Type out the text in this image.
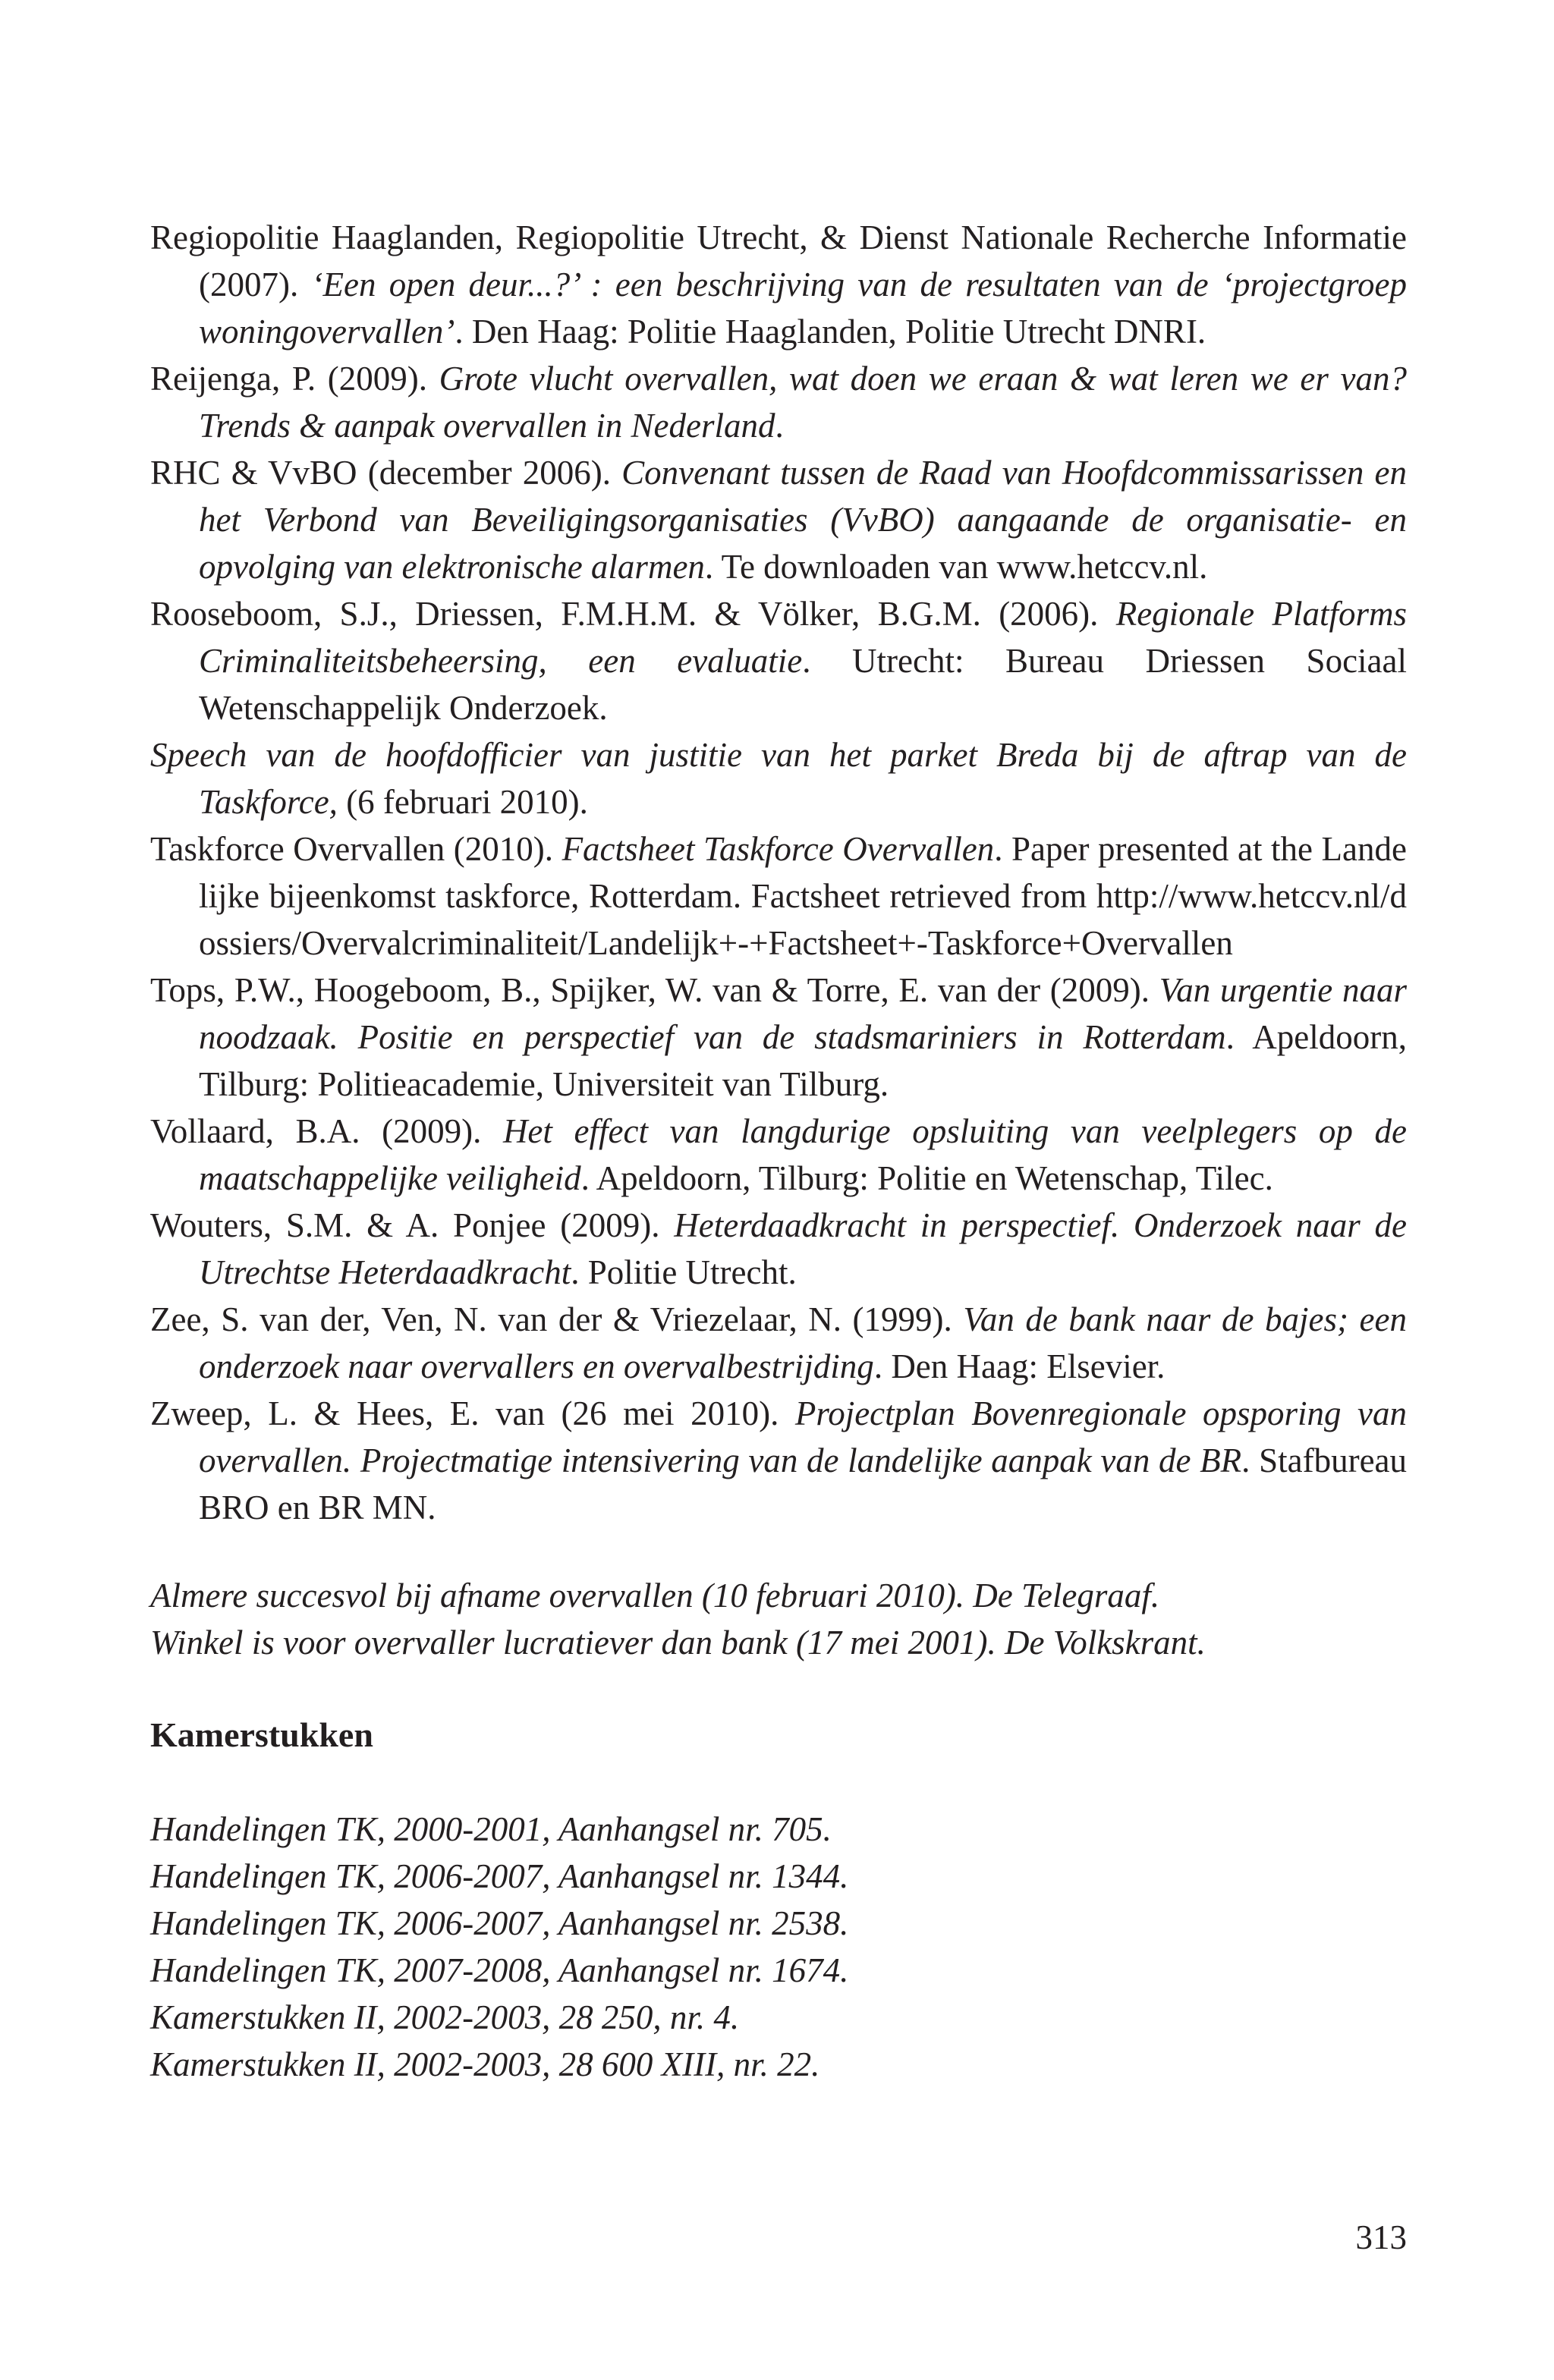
Regiopolitie Haaglanden, Regiopolitie Utrecht, & Dienst Nationale Recherche Informatie (2007). ‘Een open deur...?’ : een beschrijving van de resultaten van de ‘projectgroep woningovervallen’. Den Haag: Politie Haaglanden, Politie Utrecht DNRI.

Reijenga, P. (2009). Grote vlucht overvallen, wat doen we eraan & wat leren we er van? Trends & aanpak overvallen in Nederland.

RHC & VvBO (december 2006). Convenant tussen de Raad van Hoofdcommissarissen en het Verbond van Beveiligingsorganisaties (VvBO) aangaande de organisatie- en opvolging van elektronische alarmen. Te downloaden van www.hetccv.nl.

Rooseboom, S.J., Driessen, F.M.H.M. & Völker, B.G.M. (2006). Regionale Platforms Criminaliteitsbeheersing, een evaluatie. Utrecht: Bureau Driessen Sociaal Wetenschappelijk Onderzoek.

Speech van de hoofdofficier van justitie van het parket Breda bij de aftrap van de Taskforce, (6 februari 2010).

Taskforce Overvallen (2010). Factsheet Taskforce Overvallen. Paper presented at the Landelijke bijeenkomst taskforce, Rotterdam. Factsheet retrieved from http://www.hetccv.nl/dossiers/Overvalcriminaliteit/Landelijk+-+Factsheet+-Taskforce+Overvallen

Tops, P.W., Hoogeboom, B., Spijker, W. van & Torre, E. van der (2009). Van urgentie naar noodzaak. Positie en perspectief van de stadsmariniers in Rotterdam. Apeldoorn, Tilburg: Politieacademie, Universiteit van Tilburg.

Vollaard, B.A. (2009). Het effect van langdurige opsluiting van veelplegers op de maatschappelijke veiligheid. Apeldoorn, Tilburg: Politie en Wetenschap, Tilec.

Wouters, S.M. & A. Ponjee (2009). Heterdaadkracht in perspectief. Onderzoek naar de Utrechtse Heterdaadkracht. Politie Utrecht.

Zee, S. van der, Ven, N. van der & Vriezelaar, N. (1999). Van de bank naar de bajes; een onderzoek naar overvallers en overvalbestrijding. Den Haag: Elsevier.

Zweep, L. & Hees, E. van (26 mei 2010). Projectplan Bovenregionale opsporing van overvallen. Projectmatige intensivering van de landelijke aanpak van de BR. Stafbureau BRO en BR MN.

Almere succesvol bij afname overvallen (10 februari 2010). De Telegraaf.

Winkel is voor overvaller lucratiever dan bank (17 mei 2001). De Volkskrant.

Kamerstukken

Handelingen TK, 2000-2001, Aanhangsel nr. 705.

Handelingen TK, 2006-2007, Aanhangsel nr. 1344.

Handelingen TK, 2006-2007, Aanhangsel nr. 2538.

Handelingen TK, 2007-2008, Aanhangsel nr. 1674.

Kamerstukken II, 2002-2003, 28 250, nr. 4.

Kamerstukken II, 2002-2003, 28 600 XIII, nr. 22.

313
